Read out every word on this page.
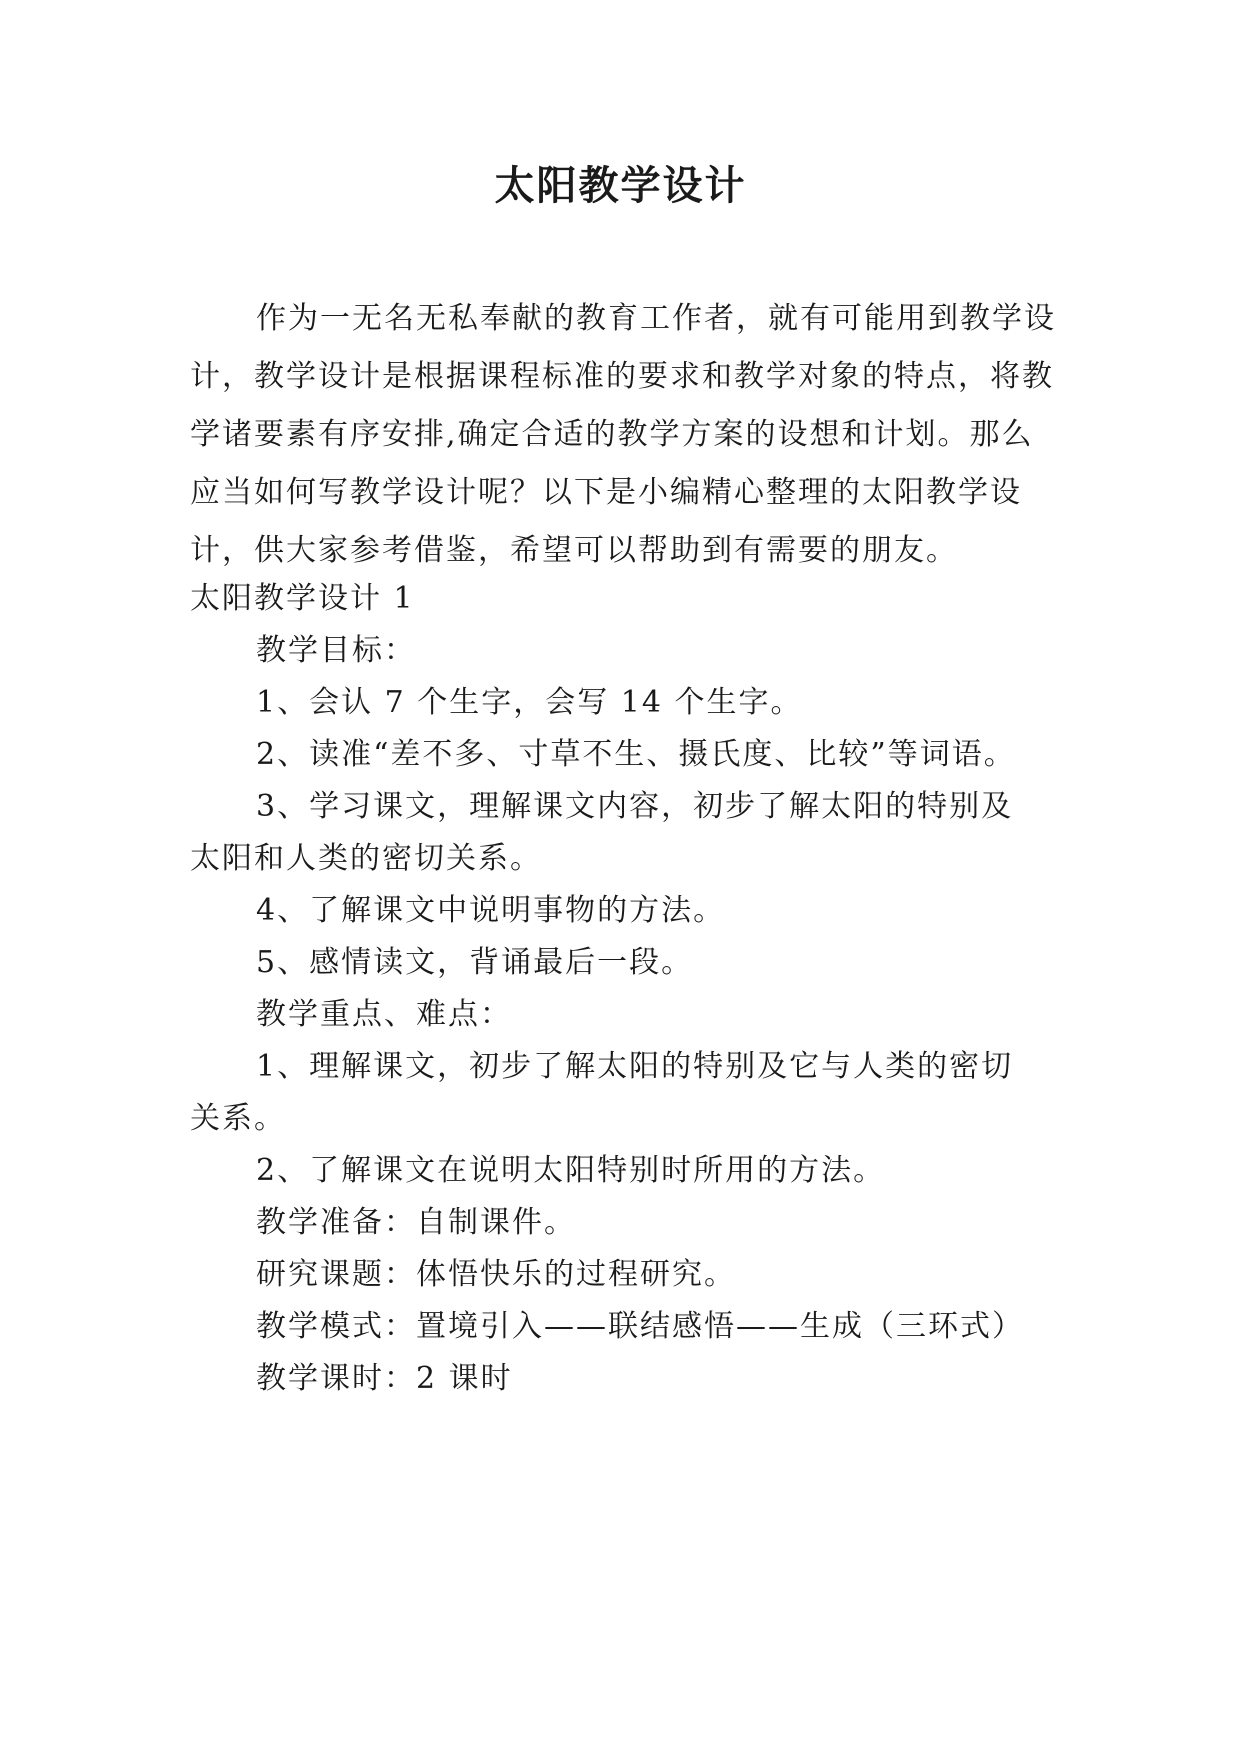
太阳教学设计

作为一无名无私奉献的教育工作者，就有可能用到教学设计，教学设计是根据课程标准的要求和教学对象的特点，将教学诸要素有序安排,确定合适的教学方案的设想和计划。那么应当如何写教学设计呢？以下是小编精心整理的太阳教学设计，供大家参考借鉴，希望可以帮助到有需要的朋友。

太阳教学设计 1

教学目标：

1、会认 7 个生字，会写 14 个生字。

2、读准“差不多、寸草不生、摄氏度、比较”等词语。

3、学习课文，理解课文内容，初步了解太阳的特别及

太阳和人类的密切关系。

4、了解课文中说明事物的方法。

5、感情读文，背诵最后一段。

教学重点、难点：

1、理解课文，初步了解太阳的特别及它与人类的密切

关系。

2、了解课文在说明太阳特别时所用的方法。

教学准备：自制课件。

研究课题：体悟快乐的过程研究。

教学模式：置境引入——联结感悟——生成（三环式）

教学课时：2 课时
